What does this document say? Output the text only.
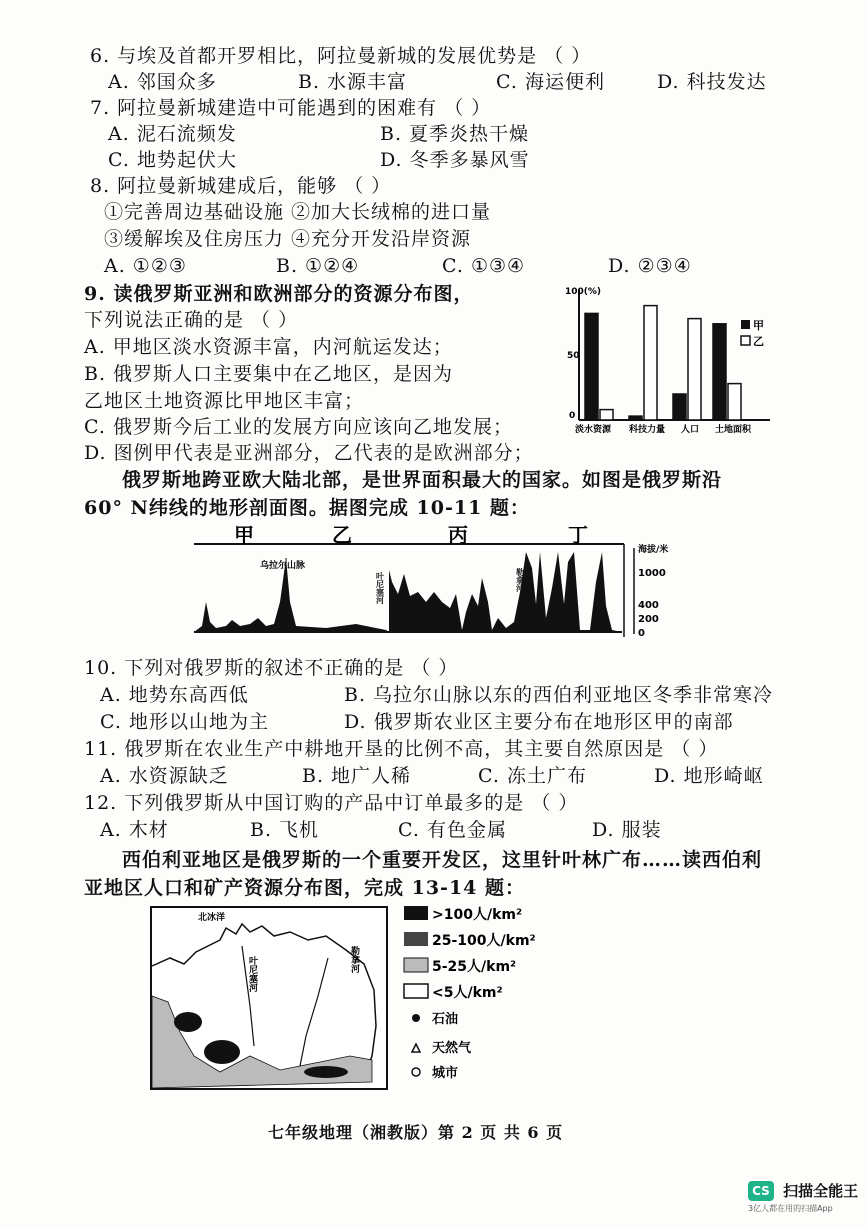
6. 与埃及首都开罗相比，阿拉曼新城的发展优势是 （ ）
A. 邻国众多	B. 水源丰富	C. 海运便利	D. 科技发达
7. 阿拉曼新城建造中可能遇到的困难有 （ ）
A. 泥石流频发	B. 夏季炎热干燥
C. 地势起伏大	D. 冬季多暴风雪
8. 阿拉曼新城建成后，能够 （ ）
①完善周边基础设施 ②加大长绒棉的进口量
③缓解埃及住房压力 ④充分开发沿岸资源
A. ①②③	B. ①②④	C. ①③④	D. ②③④
9. 读俄罗斯亚洲和欧洲部分的资源分布图，
下列说法正确的是 （ ）
A. 甲地区淡水资源丰富，内河航运发达；
B. 俄罗斯人口主要集中在乙地区，是因为
乙地区土地资源比甲地区丰富；
C. 俄罗斯今后工业的发展方向应该向乙地发展；
D. 图例甲代表是亚洲部分，乙代表的是欧洲部分；
100(%)
50
0
淡水资源 科技力量 人口 土地面积
甲
乙
俄罗斯地跨亚欧大陆北部，是世界面积最大的国家。如图是俄罗斯沿
60° N纬线的地形剖面图。据图完成 10-11 题：
甲	乙	丙	丁
乌拉尔山脉
叶尼塞河	勒拿河
海拔/米
1000
400
200
0
10. 下列对俄罗斯的叙述不正确的是 （ ）
A. 地势东高西低	B. 乌拉尔山脉以东的西伯利亚地区冬季非常寒冷
C. 地形以山地为主	D. 俄罗斯农业区主要分布在地形区甲的南部
11. 俄罗斯在农业生产中耕地开垦的比例不高，其主要自然原因是 （ ）
A. 水资源缺乏	B. 地广人稀	C. 冻土广布	D. 地形崎岖
12. 下列俄罗斯从中国订购的产品中订单最多的是 （ ）
A. 木材	B. 飞机	C. 有色金属	D. 服装
西伯利亚地区是俄罗斯的一个重要开发区，这里针叶林广布……读西伯利
亚地区人口和矿产资源分布图，完成 13-14 题：
北冰洋
叶尼塞河	勒拿河
>100人/km²
25-100人/km²
5-25人/km²
<5人/km²
石油
天然气
城市
七年级地理（湘教版）第 2 页 共 6 页
CS 扫描全能王
3亿人都在用的扫描App
